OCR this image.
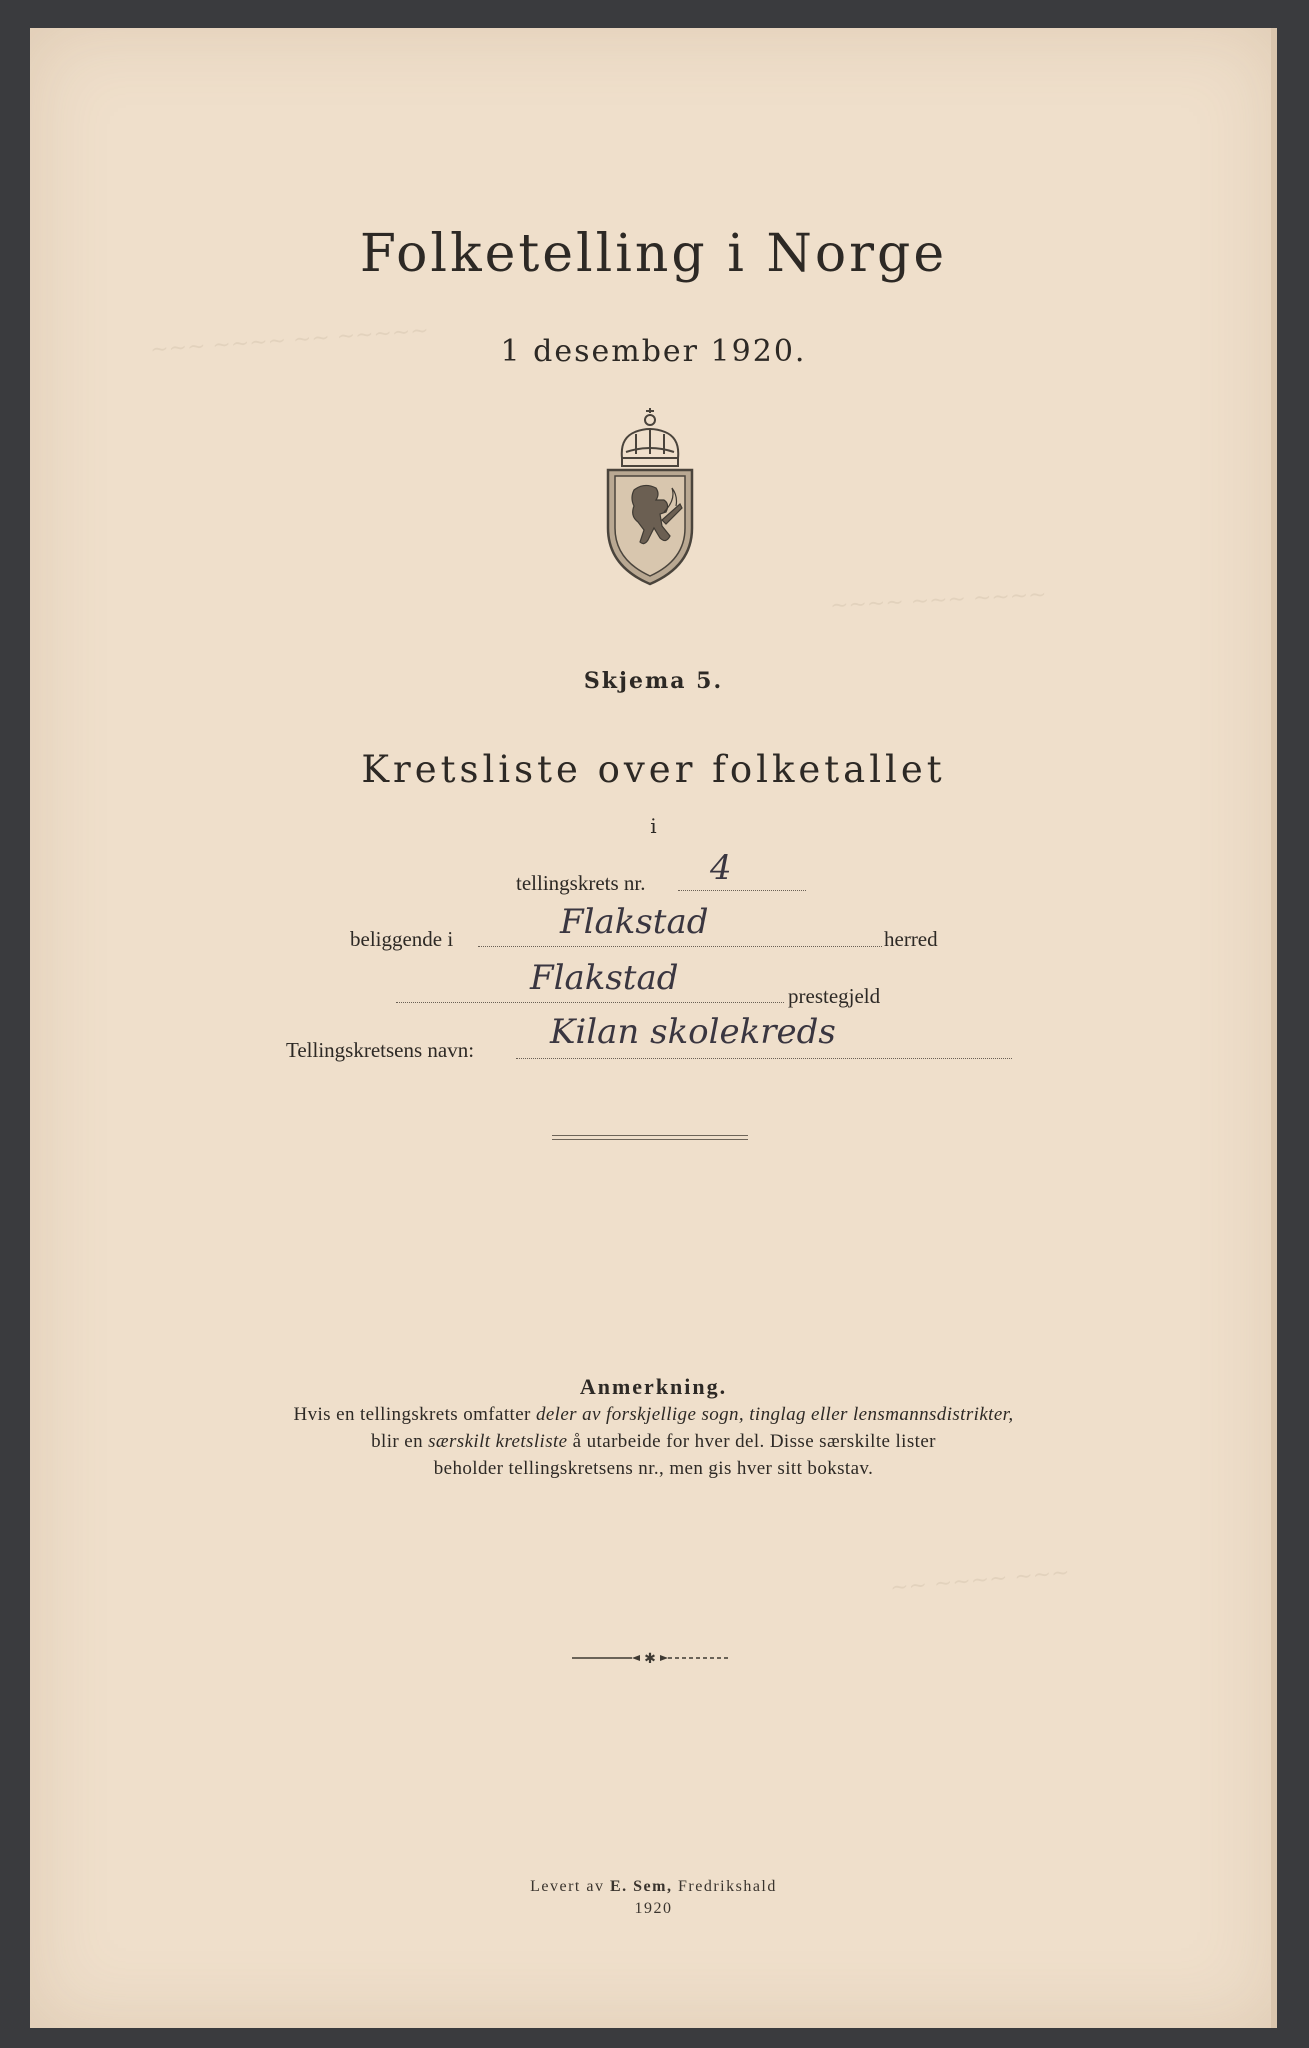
~~~ ~~~~ ~~ ~~~~~
~~~~ ~~~ ~~~~
~~ ~~~~ ~~~
Folketelling i Norge
1 desember 1920.
Skjema 5.
Kretsliste over folketallet
i
tellingskrets nr. 4
beliggende i	Flakstad	herred
Flakstad	prestegjeld
Tellingskretsens navn: Kilan skolekreds
Anmerkning.
Hvis en tellingskrets omfatter deler av forskjellige sogn, tinglag eller lensmannsdistrikter,
blir en særskilt kretsliste å utarbeide for hver del. Disse særskilte lister
beholder tellingskretsens nr., men gis hver sitt bokstav.
✱
Levert av E. Sem, Fredrikshald
1920
